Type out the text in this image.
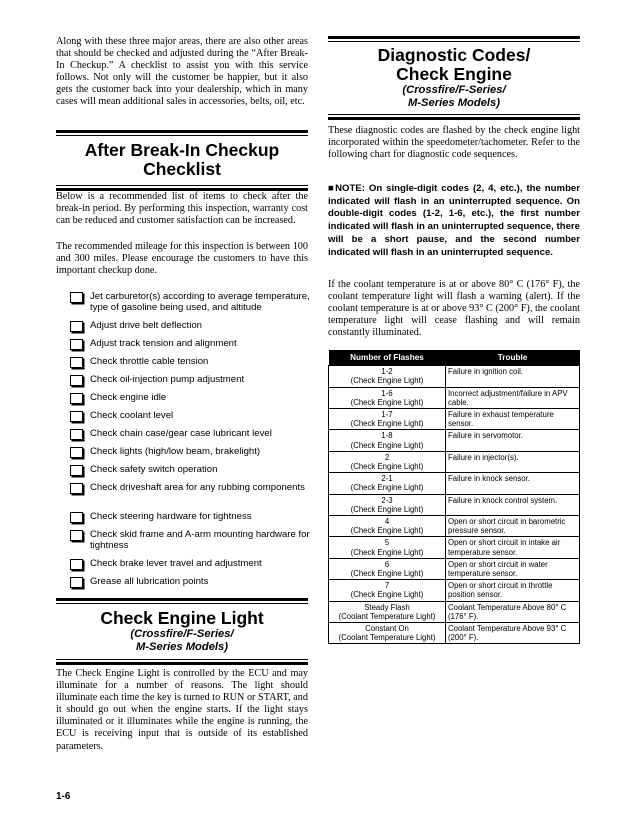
Along with these three major areas, there are also other areas that should be checked and adjusted during the “After Break-In Checkup.” A checklist to assist you with this service follows. Not only will the customer be happier, but it also gets the customer back into your dealership, which in many cases will mean additional sales in accessories, belts, oil, etc.
After Break-In Checkup
Checklist
Below is a recommended list of items to check after the break-in period. By performing this inspection, warranty cost can be reduced and customer satisfaction can be increased.
The recommended mileage for this inspection is between 100 and 300 miles. Please encourage the customers to have this important checkup done.
Jet carburetor(s) according to average temperature, type of gasoline being used, and altitude
Adjust drive belt deflection
Adjust track tension and alignment
Check throttle cable tension
Check oil-injection pump adjustment
Check engine idle
Check coolant level
Check chain case/gear case lubricant level
Check lights (high/low beam, brakelight)
Check safety switch operation
Check driveshaft area for any rubbing components
Check steering hardware for tightness
Check skid frame and A-arm mounting hardware for tightness
Check brake lever travel and adjustment
Grease all lubrication points
Check Engine Light
(Crossfire/F-Series/
M-Series Models)
The Check Engine Light is controlled by the ECU and may illuminate for a number of reasons. The light should illuminate each time the key is turned to RUN or START, and it should go out when the engine starts. If the light stays illuminated or it illuminates while the engine is running, the ECU is receiving input that is outside of its established parameters.
Diagnostic Codes/
Check Engine
(Crossfire/F-Series/
M-Series Models)
These diagnostic codes are flashed by the check engine light incorporated within the speedometer/tachometer. Refer to the following chart for diagnostic code sequences.
■NOTE: On single-digit codes (2, 4, etc.), the number indicated will flash in an uninterrupted sequence. On double-digit codes (1-2, 1-6, etc.), the first number indicated will flash in an uninterrupted sequence, there will be a short pause, and the second number indicated will flash in an uninterrupted sequence.
If the coolant temperature is at or above 80° C (176° F), the coolant temperature light will flash a warning (alert). If the coolant temperature is at or above 93° C (200° F), the coolant temperature light will cease flashing and will remain constantly illuminated.
Number of Flashes	Trouble

1-2
(Check Engine Light)	Failure in ignition coil.

1-6
(Check Engine Light)	Incorrect adjustment/failure in APV cable.

1-7
(Check Engine Light)	Failure in exhaust temperature sensor.

1-8
(Check Engine Light)	Failure in servomotor.

2
(Check Engine Light)	Failure in injector(s).

2-1
(Check Engine Light)	Failure in knock sensor.

2-3
(Check Engine Light)	Failure in knock control system.

4
(Check Engine Light)	Open or short circuit in barometric pressure sensor.

5
(Check Engine Light)	Open or short circuit in intake air temperature sensor.

6
(Check Engine Light)	Open or short circuit in water temperature sensor.

7
(Check Engine Light)	Open or short circuit in throttle position sensor.

Steady Flash
(Coolant Temperature Light)	Coolant Temperature Above 80° C (176° F).

Constant On
(Coolant Temperature Light)	Coolant Temperature Above 93° C (200° F).
1-6
